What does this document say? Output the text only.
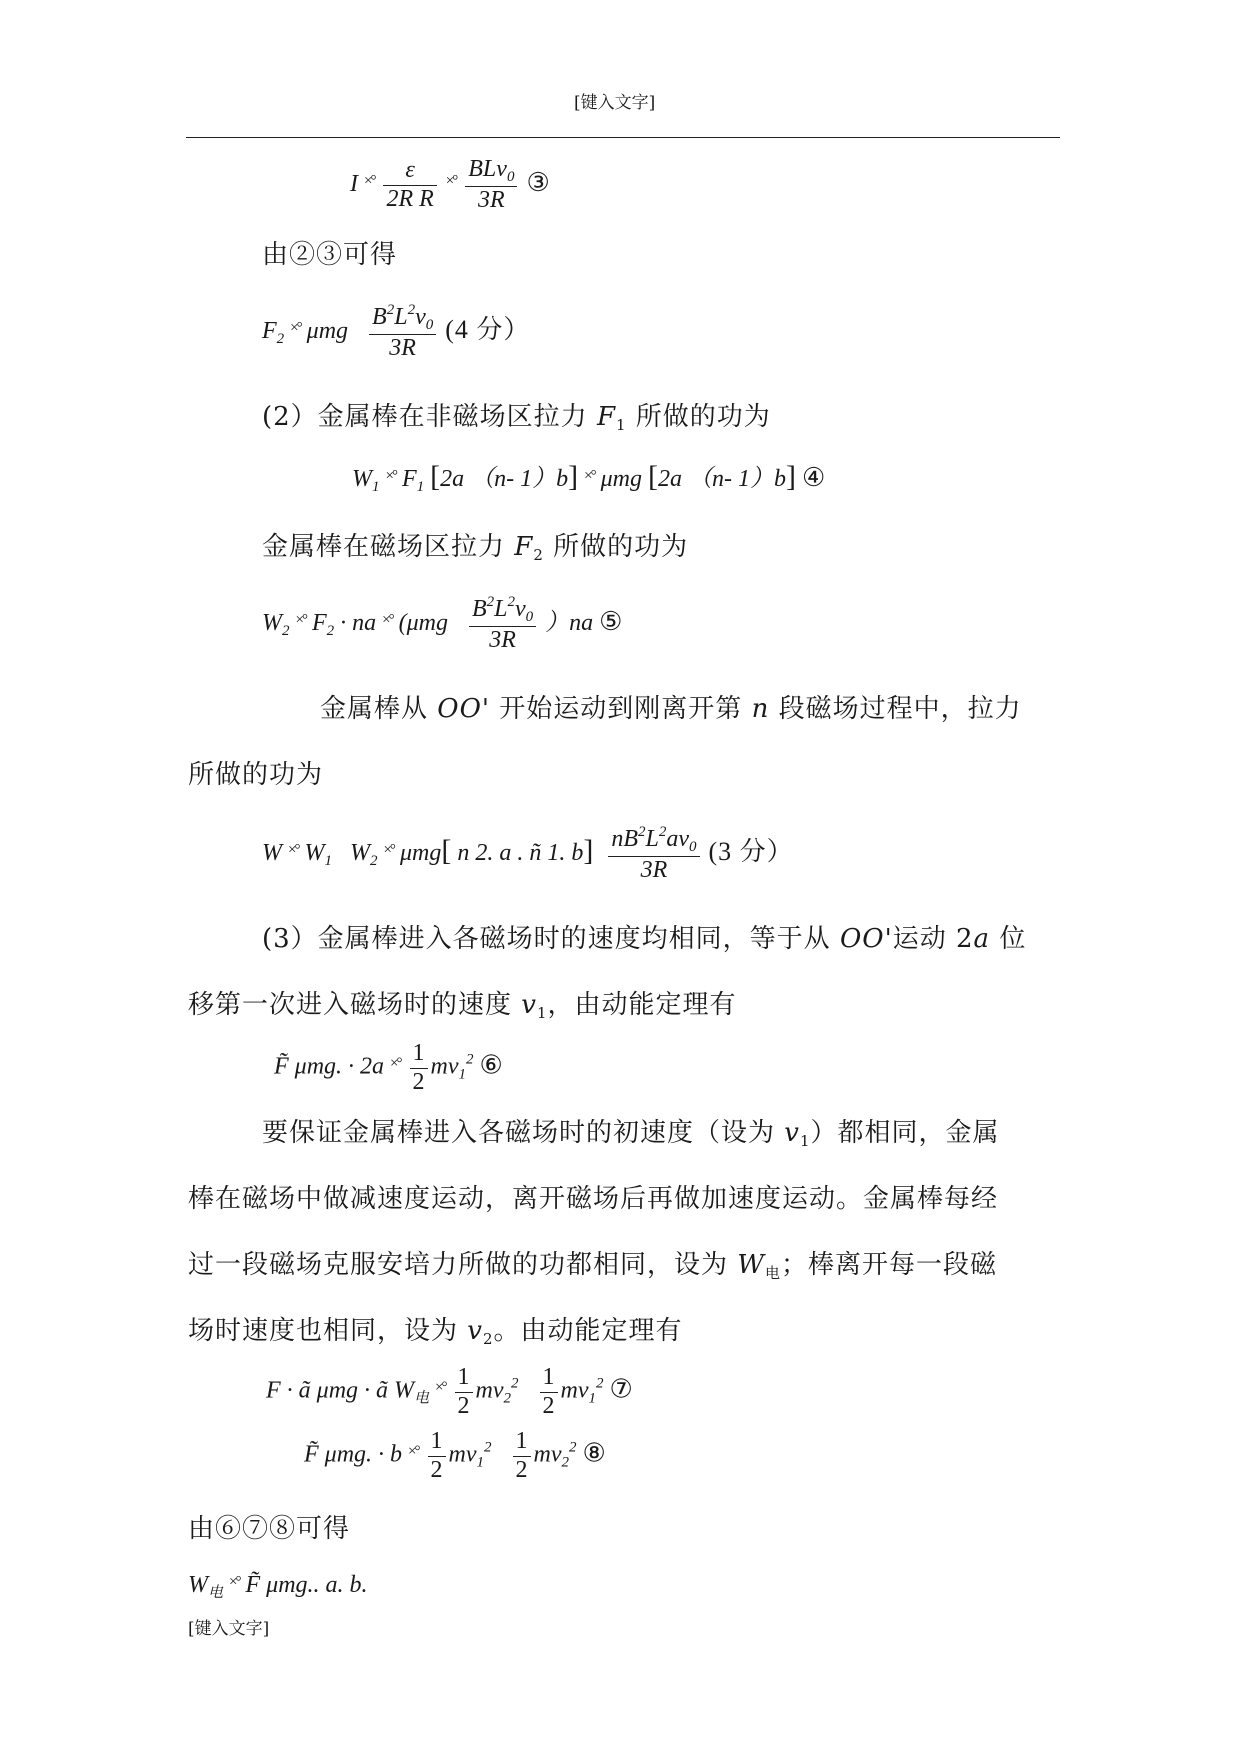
[键入文字]
I $^{\times^\circ} \frac{\varepsilon}{\text{2R R}} ^{\times^\circ} \frac{BLv_0}{3R}$ ③
由②③可得
$F_2$ ×° μmg $\frac{B^2L^2v_0}{3R} (4$ 分）
(2）金属棒在非磁场区拉力 $F_1$ 所做的功为
$W_1$ ×° $F_1$ [2a （n- 1）b] ×° μmg [2a （n- 1）b] ④
金属棒在磁场区拉力 $F_2$ 所做的功为
$W_2$ ×° $F_2$ · na ×° $(\mu mg \frac{B^2L^2v_0}{3R} )na$ ⑤
金属棒从 OO' 开始运动到刚离开第 n 段磁场过程中，拉力
所做的功为
W ×° $W_1$ $W_2$ ×° μmg[ n 2. a . ñ 1. $b] \frac{nB^2L^2av_0}{3R} (3$ 分）
(3）金属棒进入各磁场时的速度均相同，等于从 OO'运动 2a 位
移第一次进入磁场时的速度 $v_1$，由动能定理有
F̃ μmg. · 2a $^{\times^\circ} \frac{1}{2} mv_1^2$ ⑥
要保证金属棒进入各磁场时的初速度（设为 $v_1$）都相同，金属
棒在磁场中做减速度运动，离开磁场后再做加速度运动。金属棒每经
过一段磁场克服安培力所做的功都相同，设为 $W_电$；棒离开每一段磁
场时速度也相同，设为 $v_2$。由动能定理有
F · ã μmg · ã $W_电$ $^{\times^\circ} \frac{1}{2} mv_2^2 \frac{1}{2} mv_1^2$ ⑦
F̃ μmg. · b $^{\times^\circ} \frac{1}{2} mv_1^2 \frac{1}{2} mv_2^2$ ⑧
由⑥⑦⑧可得
$W_电$ ×° F̃ μmg.. a. b.
[键入文字]
